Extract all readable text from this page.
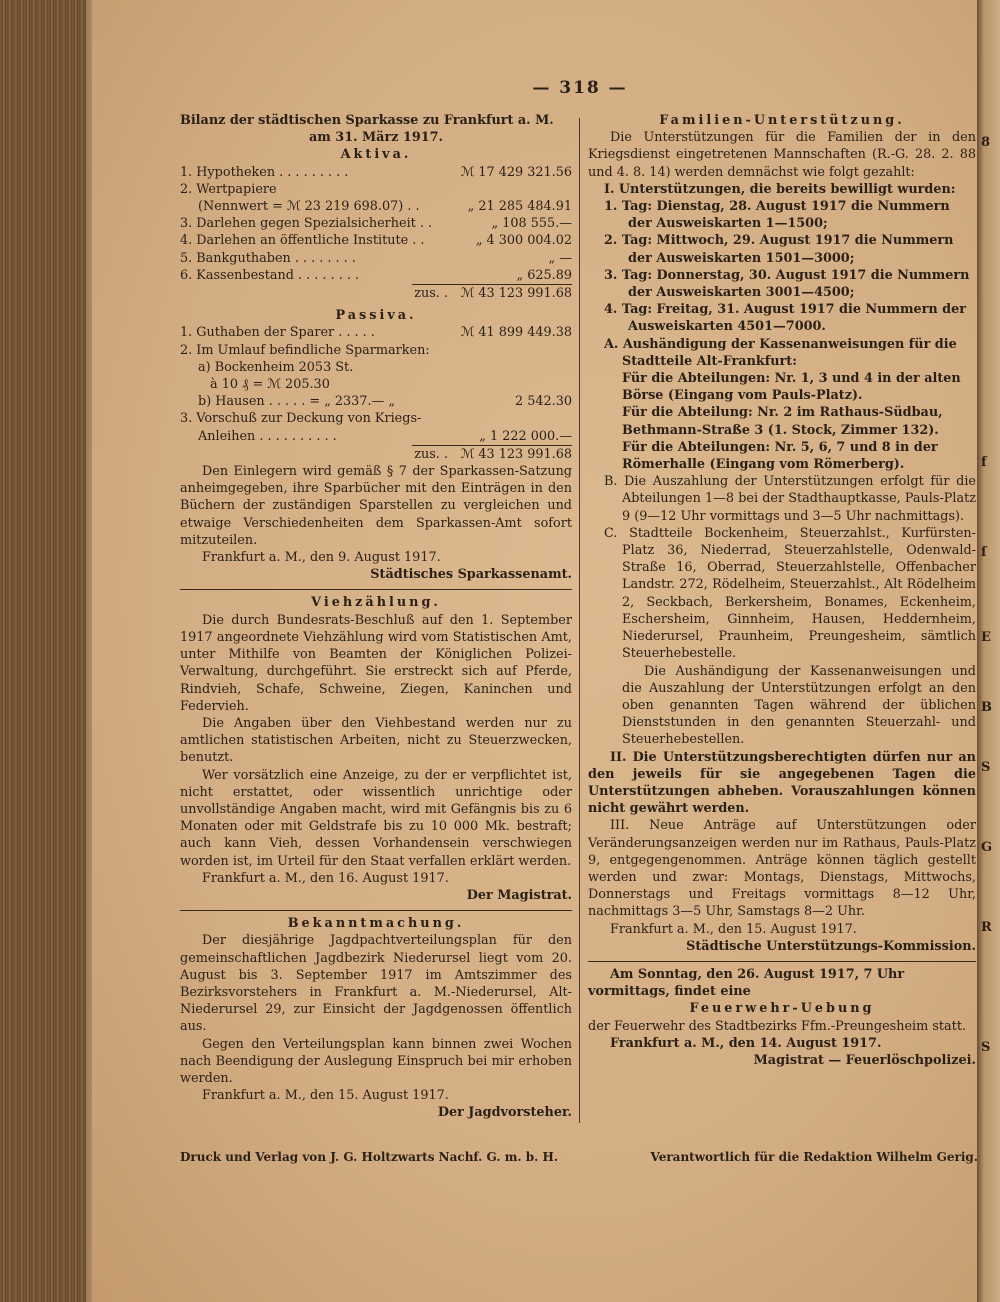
8
f
ſ
E
B
S
G
R
S
— 318 —

Bilanz der städtischen Sparkasse zu Frankfurt a. M.

am 31. März 1917.

Aktiva.

1. Hypotheken . . . . . . . . .	ℳ 17 429 321.56
2. Wertpapiere
(Nennwert = ℳ 23 219 698.07) . .	„ 21 285 484.91
3. Darlehen gegen Spezialsicherheit . .	„ 108 555.—
4. Darlehen an öffentliche Institute . .	„ 4 300 004.02
5. Bankguthaben . . . . . . . .	„ —
6. Kassenbestand . . . . . . . .	„ 625.89
zus. . ℳ 43 123 991.68

Passiva.

1. Guthaben der Sparer . . . . .	ℳ 41 899 449.38
2. Im Umlauf befindliche Sparmarken:
a) Bockenheim 2053 St.
à 10 ₰ = ℳ 205.30
b) Hausen . . . . . = „ 2337.— „	2 542.30
3. Vorschuß zur Deckung von Kriegs-
Anleihen . . . . . . . . . .	„ 1 222 000.—
zus. . ℳ 43 123 991.68

Den Einlegern wird gemäß § 7 der Sparkassen-Satzung anheimgegeben, ihre Sparbücher mit den Einträgen in den Büchern der zuständigen Sparstellen zu vergleichen und etwaige Verschiedenheiten dem Sparkassen-Amt sofort mitzuteilen.

Frankfurt a. M., den 9. August 1917.

Städtisches Sparkassenamt.

Viehzählung.

Die durch Bundesrats-Beschluß auf den 1. September 1917 angeordnete Viehzählung wird vom Statistischen Amt, unter Mithilfe von Beamten der Königlichen Polizei-Verwaltung, durchgeführt. Sie erstreckt sich auf Pferde, Rindvieh, Schafe, Schweine, Ziegen, Kaninchen und Federvieh.

Die Angaben über den Viehbestand werden nur zu amtlichen statistischen Arbeiten, nicht zu Steuerzwecken, benutzt.

Wer vorsätzlich eine Anzeige, zu der er verpflichtet ist, nicht erstattet, oder wissentlich unrichtige oder unvollständige Angaben macht, wird mit Gefängnis bis zu 6 Monaten oder mit Geldstrafe bis zu 10 000 Mk. bestraft; auch kann Vieh, dessen Vorhandensein verschwiegen worden ist, im Urteil für den Staat verfallen erklärt werden.

Frankfurt a. M., den 16. August 1917.

Der Magistrat.

Bekanntmachung.

Der diesjährige Jagdpachtverteilungsplan für den gemeinschaftlichen Jagdbezirk Niederursel liegt vom 20. August bis 3. September 1917 im Amtszimmer des Bezirksvorstehers in Frankfurt a. M.-Niederursel, Alt-Niederursel 29, zur Einsicht der Jagdgenossen öffentlich aus.

Gegen den Verteilungsplan kann binnen zwei Wochen nach Beendigung der Auslegung Einspruch bei mir erhoben werden.

Frankfurt a. M., den 15. August 1917.

Der Jagdvorsteher.

Familien-Unterstützung.

Die Unterstützungen für die Familien der in den Kriegsdienst eingetretenen Mannschaften (R.-G. 28. 2. 88 und 4. 8. 14) werden demnächst wie folgt gezahlt:

I. Unterstützungen, die bereits bewilligt wurden:

1. Tag: Dienstag, 28. August 1917 die Nummern der Ausweiskarten 1—1500;

2. Tag: Mittwoch, 29. August 1917 die Nummern der Ausweiskarten 1501—3000;

3. Tag: Donnerstag, 30. August 1917 die Nummern der Ausweiskarten 3001—4500;

4. Tag: Freitag, 31. August 1917 die Nummern der Ausweiskarten 4501—7000.

A. Aushändigung der Kassenanweisungen für die Stadtteile Alt-Frankfurt:

Für die Abteilungen: Nr. 1, 3 und 4 in der alten Börse (Eingang vom Pauls-Platz).

Für die Abteilung: Nr. 2 im Rathaus-Südbau, Bethmann-Straße 3 (1. Stock, Zimmer 132).

Für die Abteilungen: Nr. 5, 6, 7 und 8 in der Römerhalle (Eingang vom Römerberg).

B. Die Auszahlung der Unterstützungen erfolgt für die Abteilungen 1—8 bei der Stadthauptkasse, Pauls-Platz 9 (9—12 Uhr vormittags und 3—5 Uhr nachmittags).

C. Stadtteile Bockenheim, Steuerzahlst., Kurfürsten-Platz 36, Niederrad, Steuerzahlstelle, Odenwald-Straße 16, Oberrad, Steuerzahlstelle, Offenbacher Landstr. 272, Rödelheim, Steuerzahlst., Alt Rödelheim 2, Seckbach, Berkersheim, Bonames, Eckenheim, Eschersheim, Ginnheim, Hausen, Heddernheim, Niederursel, Praunheim, Preungesheim, sämtlich Steuerhebestelle.

Die Aushändigung der Kassenanweisungen und die Auszahlung der Unterstützungen erfolgt an den oben genannten Tagen während der üblichen Dienststunden in den genannten Steuerzahl- und Steuerhebestellen.

II. Die Unterstützungsberechtigten dürfen nur an den jeweils für sie angegebenen Tagen die Unterstützungen abheben. Vorauszahlungen können nicht gewährt werden.

III. Neue Anträge auf Unterstützungen oder Veränderungsanzeigen werden nur im Rathaus, Pauls-Platz 9, entgegengenommen. Anträge können täglich gestellt werden und zwar: Montags, Dienstags, Mittwochs, Donnerstags und Freitags vormittags 8—12 Uhr, nachmittags 3—5 Uhr, Samstags 8—2 Uhr.

Frankfurt a. M., den 15. August 1917.

Städtische Unterstützungs-Kommission.

Am Sonntag, den 26. August 1917, 7 Uhr vormittags, findet eine

Feuerwehr-Uebung

der Feuerwehr des Stadtbezirks Ffm.-Preungesheim statt.

Frankfurt a. M., den 14. August 1917.

Magistrat — Feuerlöschpolizei.

Druck und Verlag von J. G. Holtzwarts Nachf. G. m. b. H.	Verantwortlich für die Redaktion Wilhelm Gerig.
